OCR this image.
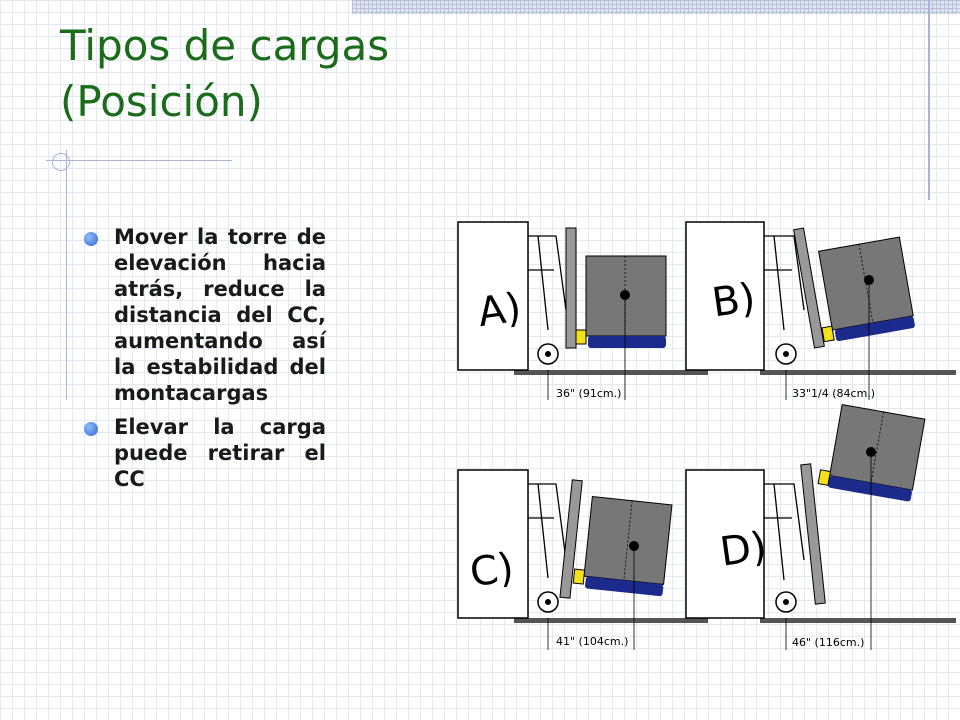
Tipos de cargas
(Posición)
Mover la torre de elevación hacia atrás, reduce la distancia del CC, aumentando así la estabilidad del montacargas
Elevar la carga puede retirar el CC
A)
36" (91cm.)
B)
33"1/4 (84cm.)
C)
41" (104cm.)
D)
46" (116cm.)
